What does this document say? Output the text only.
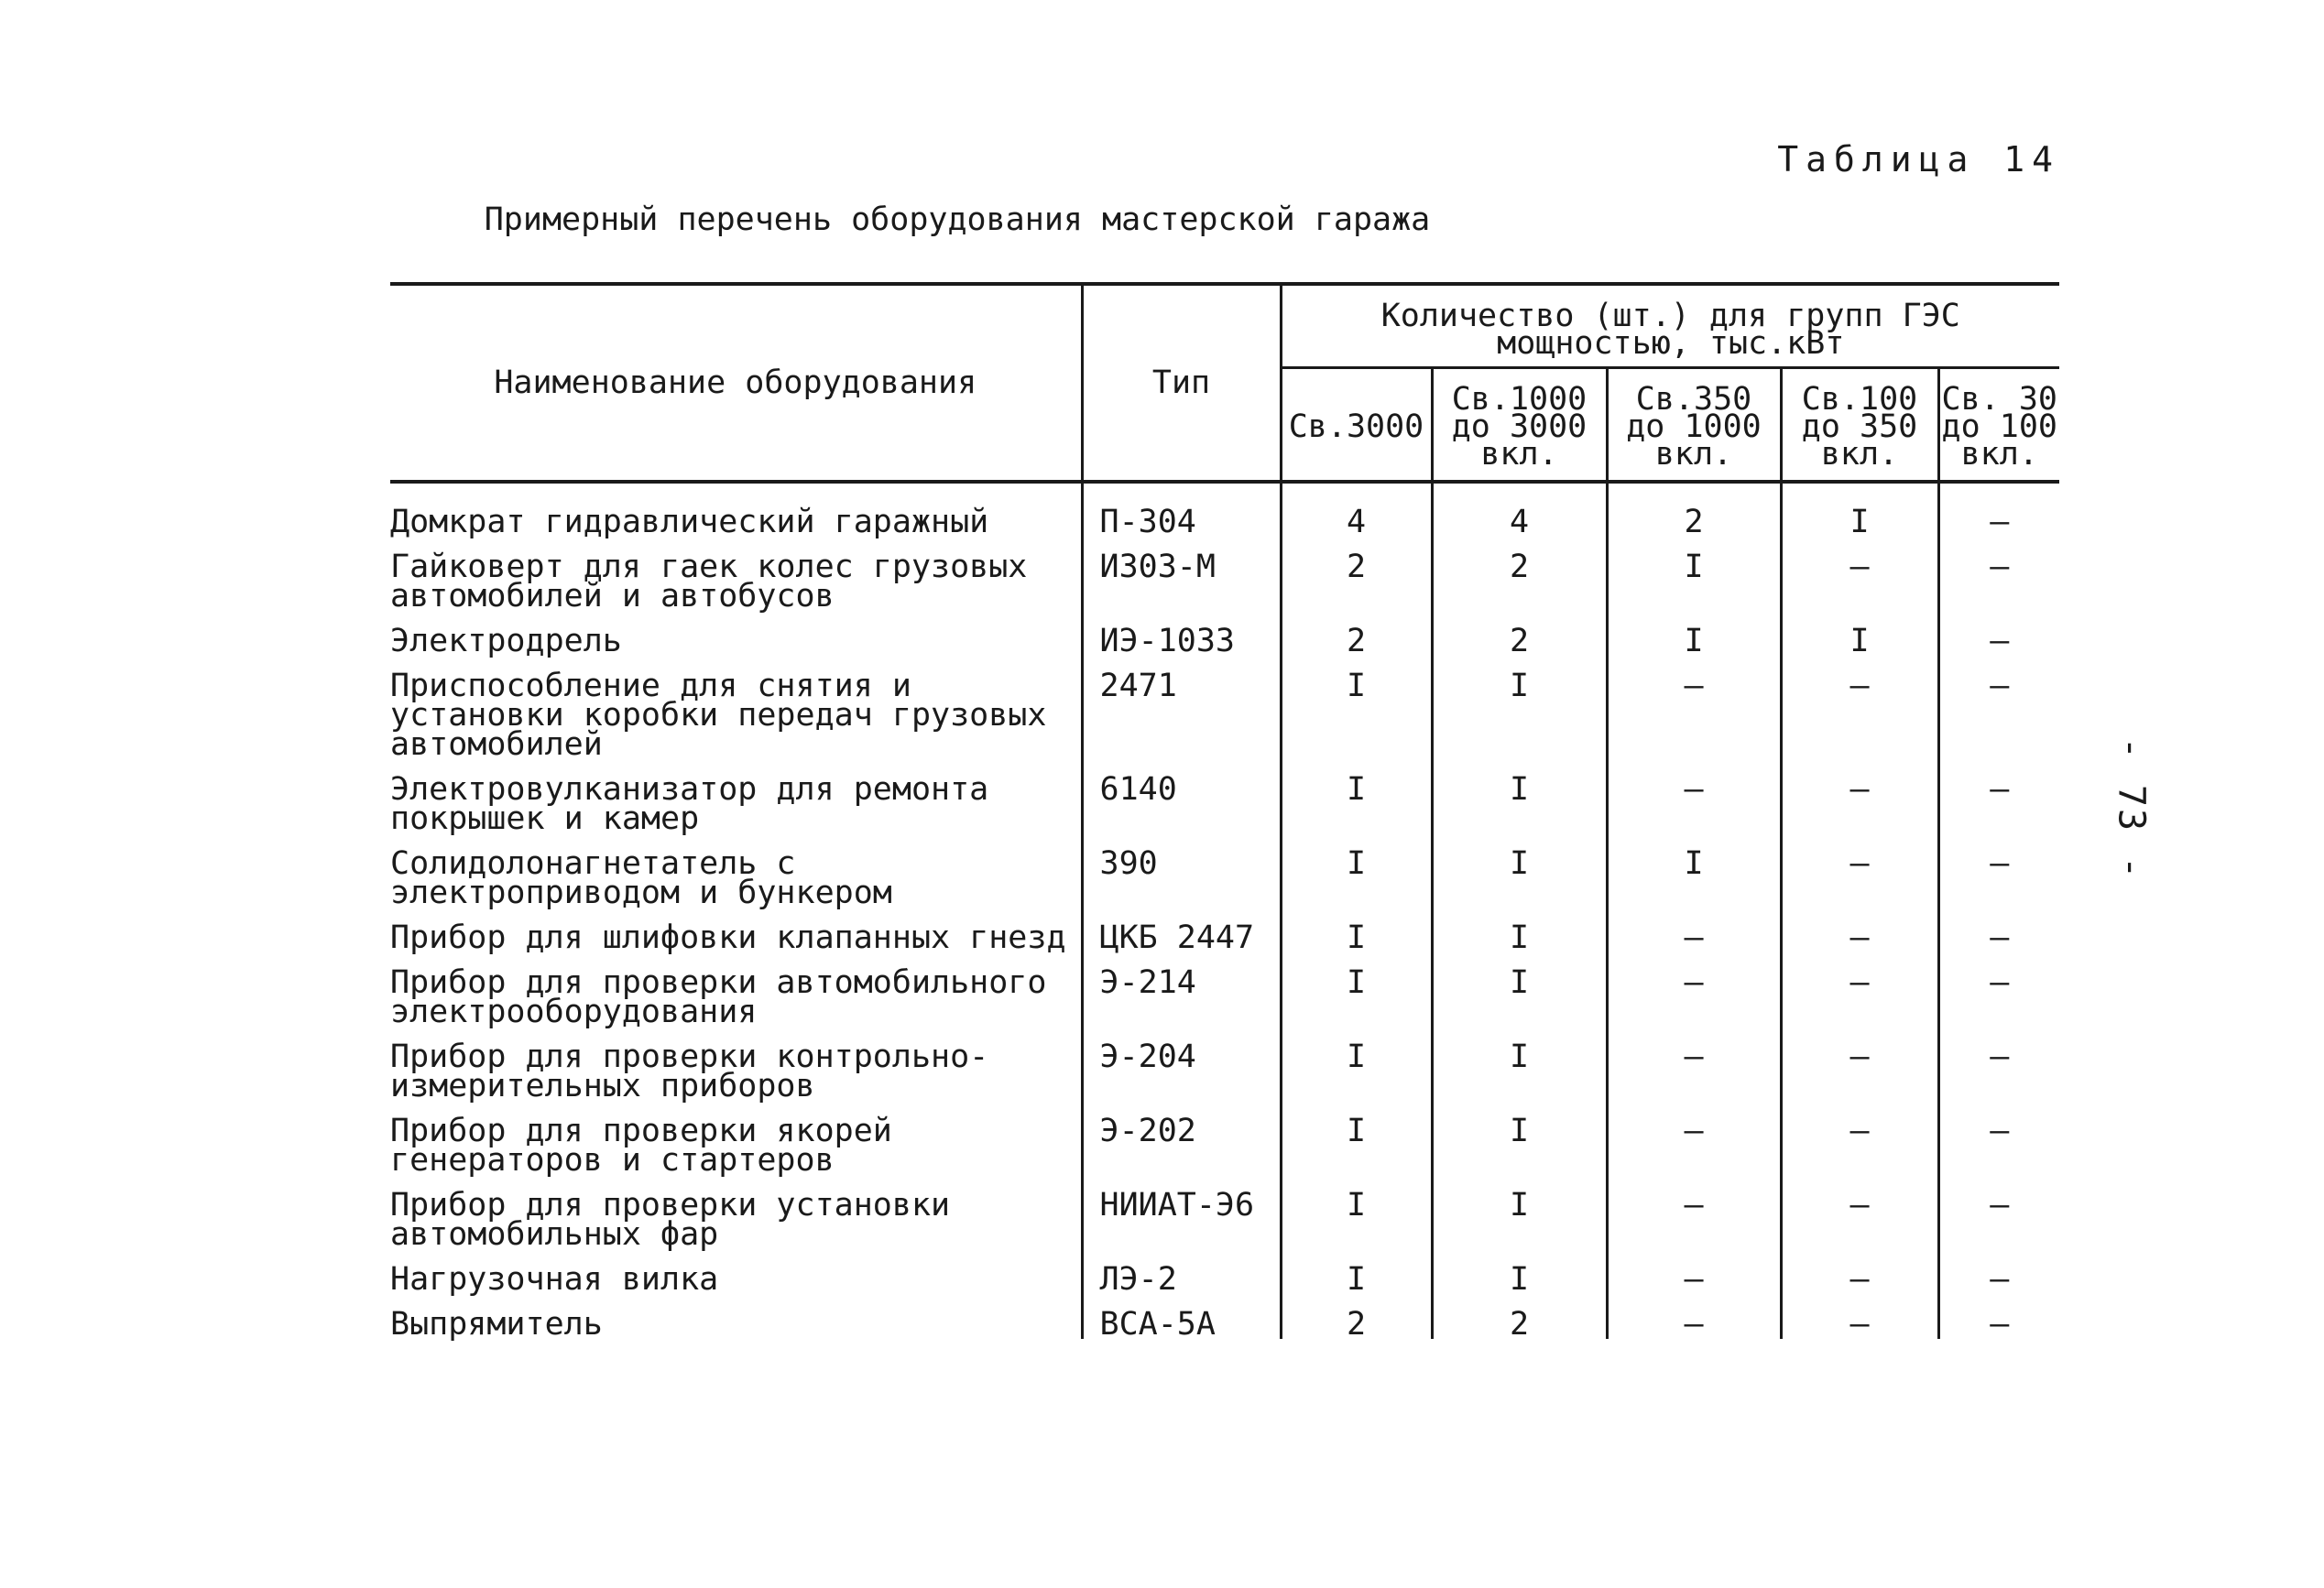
Таблица 14
Примерный перечень оборудования мастерской гаража
- 73 -
Наименование оборудования	Тип	Количество (шт.) для групп ГЭС мощностью, тыс.кВт				
		Св.3000	Св.1000 до 3000 вкл.	Св.350 до 1000 вкл.	Св.100 до 350 вкл.	Св. 30 до 100 вкл.
Домкрат гидравлический гаражный	П-304	4	4	2	I	–

Гайковерт для гаек колес грузовых автомобилей и автобусов	И303-М	2	2	I	–	–

Электродрель	ИЭ-1033	2	2	I	I	–

Приспособление для снятия и установки коробки передач грузовых автомобилей	2471	I	I	–	–	–

Электровулканизатор для ремонта покрышек и камер	6140	I	I	–	–	–

Солидолонагнетатель с электроприводом и бункером	390	I	I	I	–	–

Прибор для шлифовки клапанных гнезд	ЦКБ 2447	I	I	–	–	–

Прибор для проверки автомобильного электрооборудования	Э-214	I	I	–	–	–

Прибор для проверки контрольно-измерительных приборов	Э-204	I	I	–	–	–

Прибор для проверки якорей генераторов и стартеров	Э-202	I	I	–	–	–

Прибор для проверки установки автомобильных фар	НИИАТ-Э6	I	I	–	–	–

Нагрузочная вилка	ЛЭ-2	I	I	–	–	–

Выпрямитель	ВСА-5А	2	2	–	–	–
